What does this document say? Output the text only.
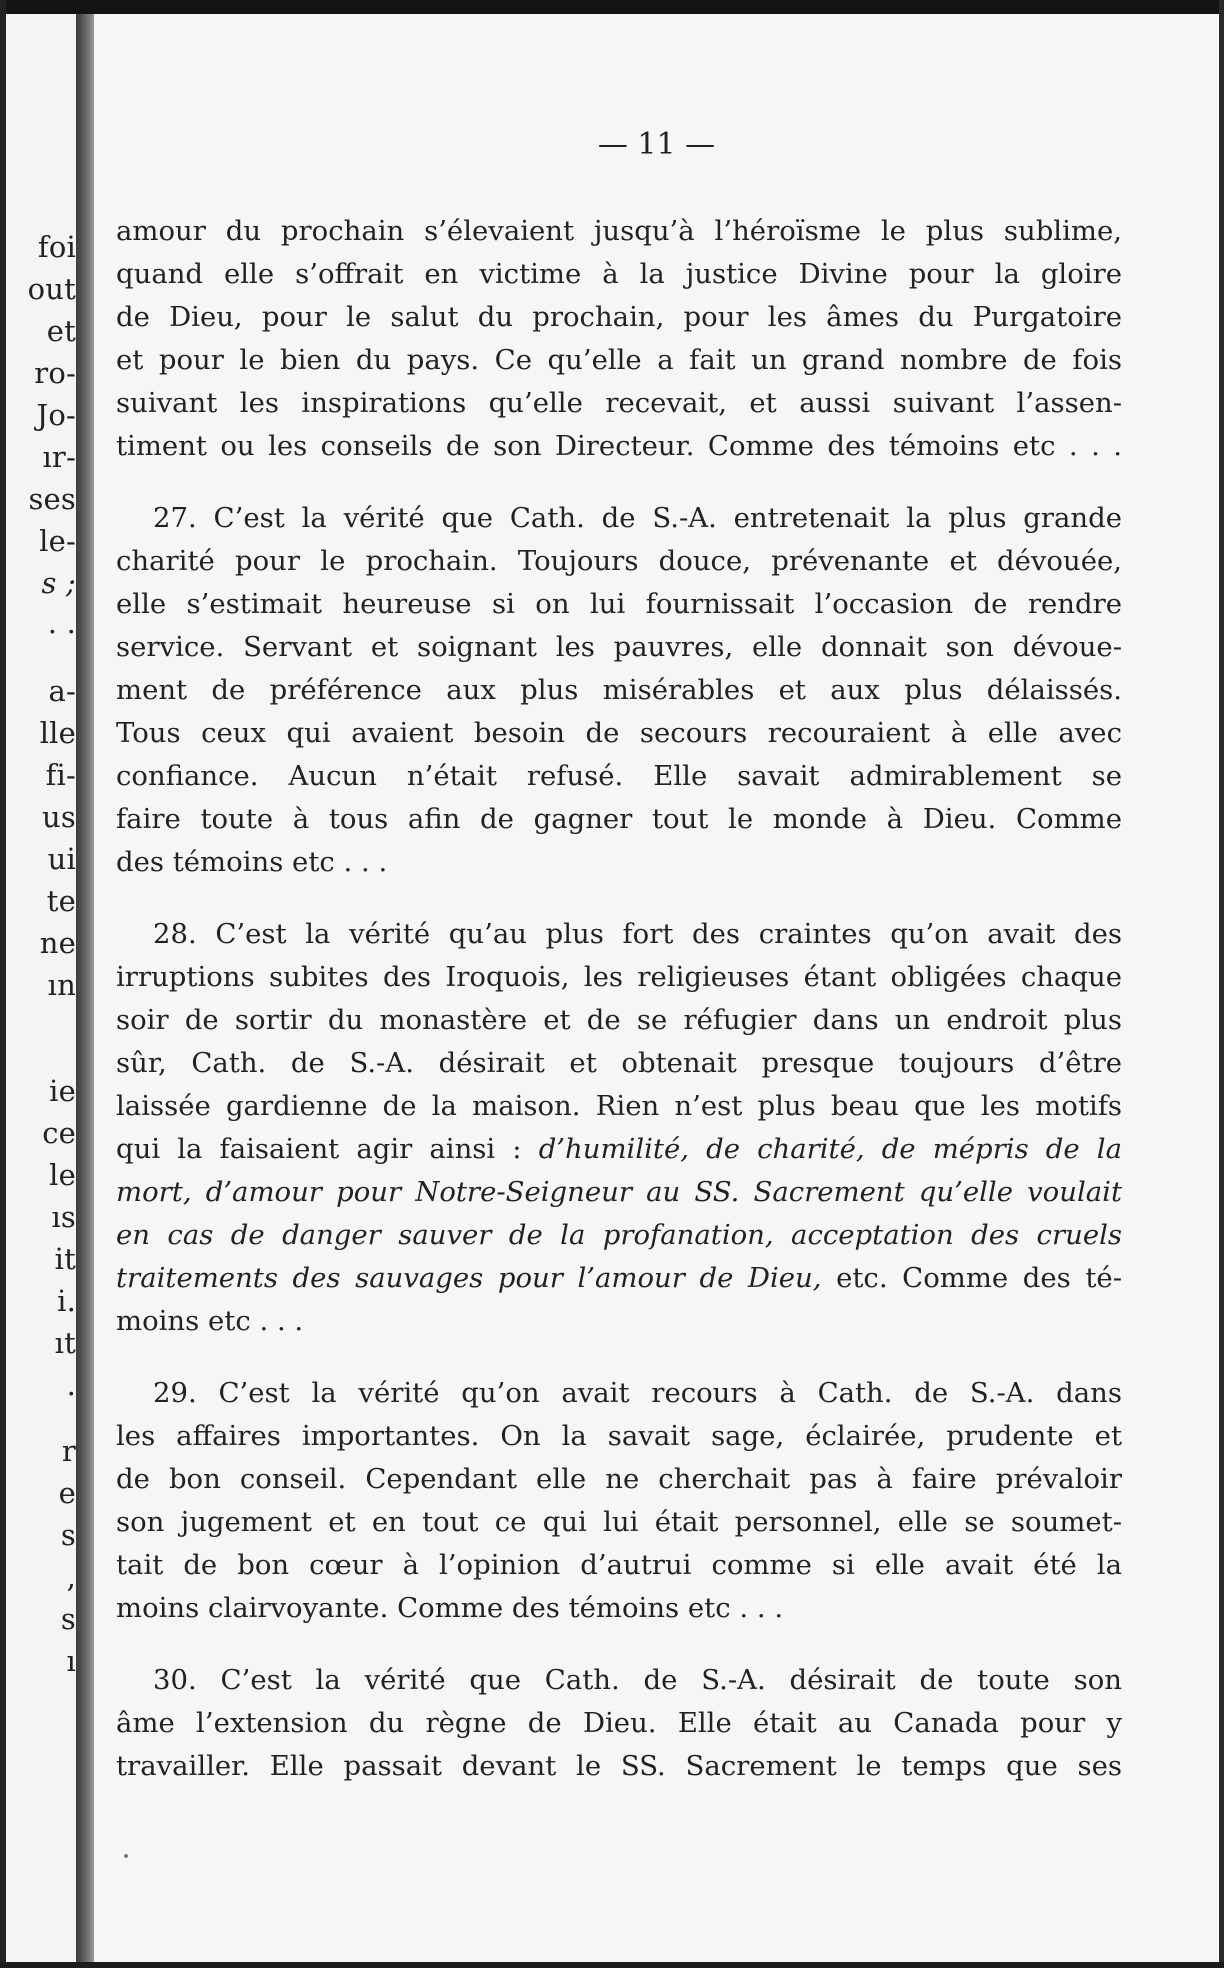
foi
out
et
ro-
Jo-
ır-
ses
le-
s ;
. .
a-
lle
fi-
us
ui
te
ne
ın
ie
ce
le
ıs
it
i.
ıt
.
r
e
s
,
s
ı
— 11 —
amour du prochain s’élevaient jusqu’à l’héroïsme le plus sublime,
quand elle s’offrait en victime à la justice Divine pour la gloire
de Dieu, pour le salut du prochain, pour les âmes du Purgatoire
et pour le bien du pays. Ce qu’elle a fait un grand nombre de fois
suivant les inspirations qu’elle recevait, et aussi suivant l’assen-
timent ou les conseils de son Directeur. Comme des témoins etc . . .
27. C’est la vérité que Cath. de S.-A. entretenait la plus grande
charité pour le prochain. Toujours douce, prévenante et dévouée,
elle s’estimait heureuse si on lui fournissait l’occasion de rendre
service. Servant et soignant les pauvres, elle donnait son dévoue-
ment de préférence aux plus misérables et aux plus délaissés.
Tous ceux qui avaient besoin de secours recouraient à elle avec
confiance. Aucun n’était refusé. Elle savait admirablement se
faire toute à tous afin de gagner tout le monde à Dieu. Comme
des témoins etc . . .
28. C’est la vérité qu’au plus fort des craintes qu’on avait des
irruptions subites des Iroquois, les religieuses étant obligées chaque
soir de sortir du monastère et de se réfugier dans un endroit plus
sûr, Cath. de S.-A. désirait et obtenait presque toujours d’être
laissée gardienne de la maison. Rien n’est plus beau que les motifs
qui la faisaient agir ainsi : d’humilité, de charité, de mépris de la
mort, d’amour pour Notre-Seigneur au SS. Sacrement qu’elle voulait
en cas de danger sauver de la profanation, acceptation des cruels
traitements des sauvages pour l’amour de Dieu, etc. Comme des té-
moins etc . . .
29. C’est la vérité qu’on avait recours à Cath. de S.-A. dans
les affaires importantes. On la savait sage, éclairée, prudente et
de bon conseil. Cependant elle ne cherchait pas à faire prévaloir
son jugement et en tout ce qui lui était personnel, elle se soumet-
tait de bon cœur à l’opinion d’autrui comme si elle avait été la
moins clairvoyante. Comme des témoins etc . . .
30. C’est la vérité que Cath. de S.-A. désirait de toute son
âme l’extension du règne de Dieu. Elle était au Canada pour y
travailler. Elle passait devant le SS. Sacrement le temps que ses
